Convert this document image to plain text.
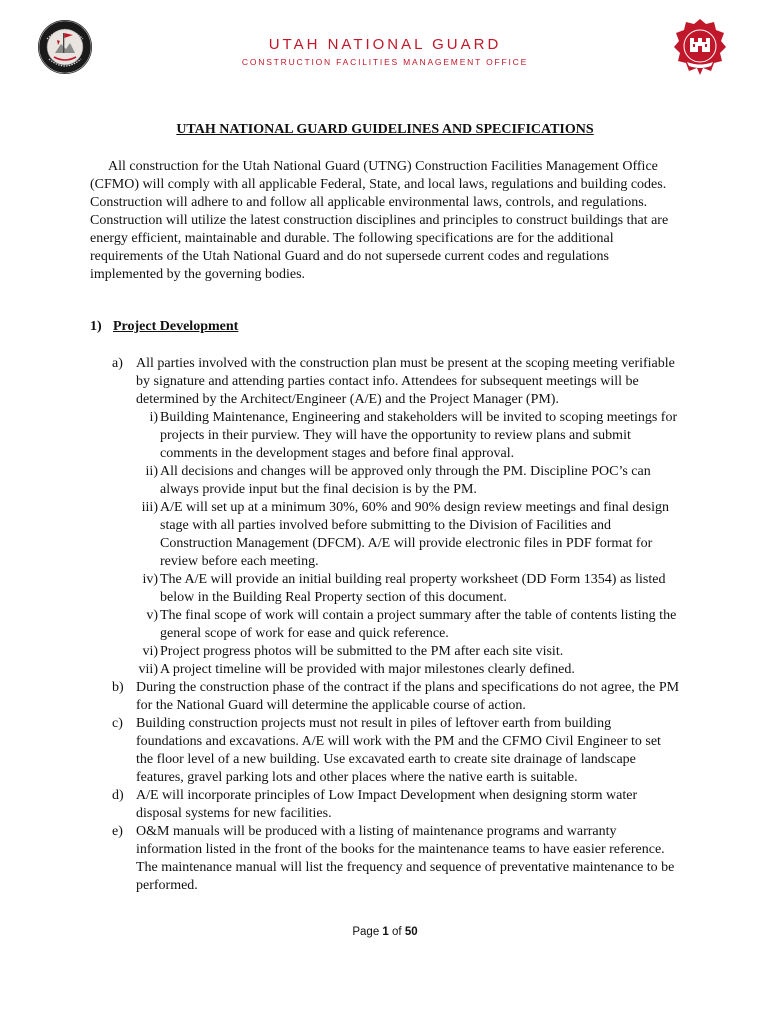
UTAH NATIONAL GUARD
CONSTRUCTION FACILITIES MANAGEMENT OFFICE
UTAH NATIONAL GUARD GUIDELINES AND SPECIFICATIONS

All construction for the Utah National Guard (UTNG) Construction Facilities Management Office (CFMO) will comply with all applicable Federal, State, and local laws, regulations and building codes. Construction will adhere to and follow all applicable environmental laws, controls, and regulations. Construction will utilize the latest construction disciplines and principles to construct buildings that are energy efficient, maintainable and durable. The following specifications are for the additional requirements of the Utah National Guard and do not supersede current codes and regulations implemented by the governing bodies.

1) Project Development
a) All parties involved with the construction plan must be present at the scoping meeting verifiable by signature and attending parties contact info. Attendees for subsequent meetings will be determined by the Architect/Engineer (A/E) and the Project Manager (PM).
i) Building Maintenance, Engineering and stakeholders will be invited to scoping meetings for projects in their purview. They will have the opportunity to review plans and submit comments in the development stages and before final approval.
ii) All decisions and changes will be approved only through the PM. Discipline POC’s can always provide input but the final decision is by the PM.
iii) A/E will set up at a minimum 30%, 60% and 90% design review meetings and final design stage with all parties involved before submitting to the Division of Facilities and Construction Management (DFCM). A/E will provide electronic files in PDF format for review before each meeting.
iv) The A/E will provide an initial building real property worksheet (DD Form 1354) as listed below in the Building Real Property section of this document.
v) The final scope of work will contain a project summary after the table of contents listing the general scope of work for ease and quick reference.
vi) Project progress photos will be submitted to the PM after each site visit.
vii) A project timeline will be provided with major milestones clearly defined.
b) During the construction phase of the contract if the plans and specifications do not agree, the PM for the National Guard will determine the applicable course of action.
c) Building construction projects must not result in piles of leftover earth from building foundations and excavations. A/E will work with the PM and the CFMO Civil Engineer to set the floor level of a new building. Use excavated earth to create site drainage of landscape features, gravel parking lots and other places where the native earth is suitable.
d) A/E will incorporate principles of Low Impact Development when designing storm water disposal systems for new facilities.
e) O&M manuals will be produced with a listing of maintenance programs and warranty information listed in the front of the books for the maintenance teams to have easier reference. The maintenance manual will list the frequency and sequence of preventative maintenance to be performed.
Page 1 of 50
